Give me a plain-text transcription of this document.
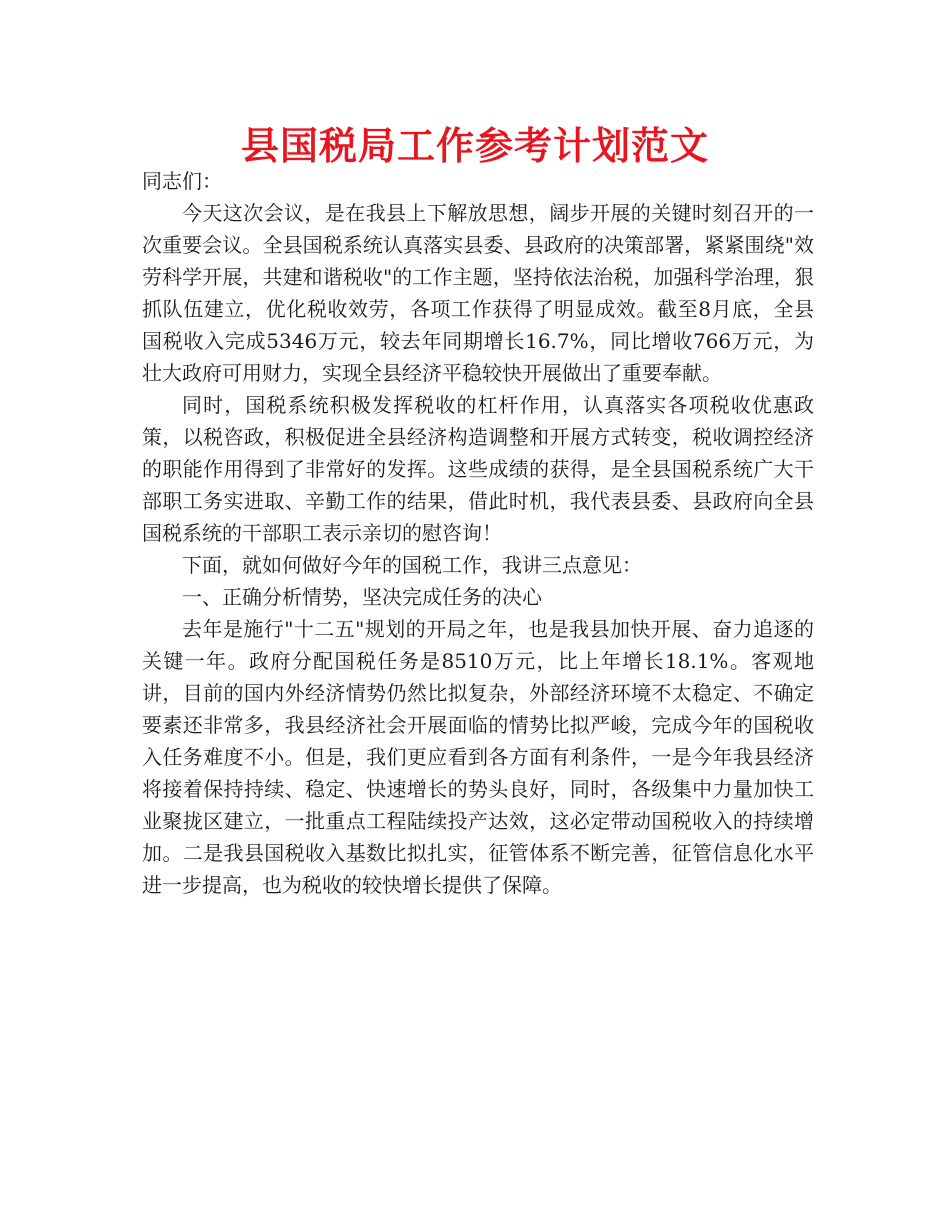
县国税局工作参考计划范文

同志们：

今天这次会议，是在我县上下解放思想，阔步开展的关键时刻召开的一次重要会议。全县国税系统认真落实县委、县政府的决策部署，紧紧围绕"效劳科学开展，共建和谐税收"的工作主题，坚持依法治税，加强科学治理，狠抓队伍建立，优化税收效劳，各项工作获得了明显成效。截至8月底，全县国税收入完成5346万元，较去年同期增长16.7%，同比增收766万元，为壮大政府可用财力，实现全县经济平稳较快开展做出了重要奉献。

同时，国税系统积极发挥税收的杠杆作用，认真落实各项税收优惠政策，以税咨政，积极促进全县经济构造调整和开展方式转变，税收调控经济的职能作用得到了非常好的发挥。这些成绩的获得，是全县国税系统广大干部职工务实进取、辛勤工作的结果，借此时机，我代表县委、县政府向全县国税系统的干部职工表示亲切的慰咨询！

下面，就如何做好今年的国税工作，我讲三点意见：

一、正确分析情势，坚决完成任务的决心

去年是施行"十二五"规划的开局之年，也是我县加快开展、奋力追逐的关键一年。政府分配国税任务是8510万元，比上年增长18.1%。客观地讲，目前的国内外经济情势仍然比拟复杂，外部经济环境不太稳定、不确定要素还非常多，我县经济社会开展面临的情势比拟严峻，完成今年的国税收入任务难度不小。但是，我们更应看到各方面有利条件，一是今年我县经济将接着保持持续、稳定、快速增长的势头良好，同时，各级集中力量加快工业聚拢区建立，一批重点工程陆续投产达效，这必定带动国税收入的持续增加。二是我县国税收入基数比拟扎实，征管体系不断完善，征管信息化水平进一步提高，也为税收的较快增长提供了保障。
